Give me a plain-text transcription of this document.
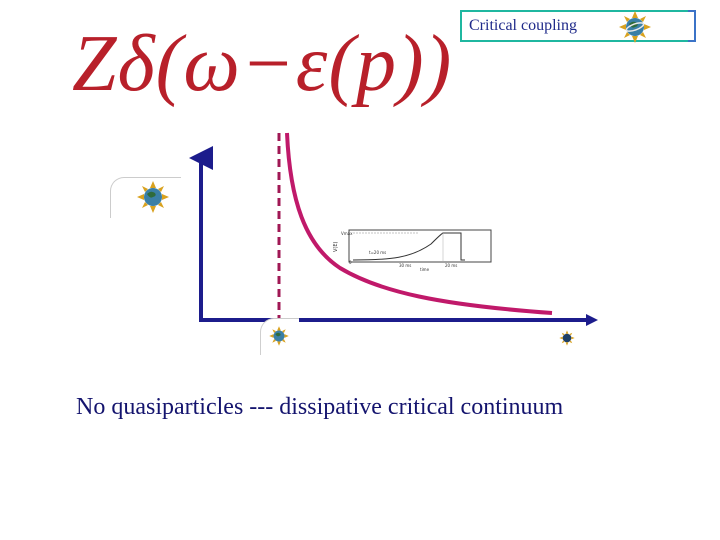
Critical coupling
Zδ(ω−ε(p))
V(E)
Vmax
0
t=20 ms
30 ms	20 ms
time
No quasiparticles --- dissipative critical continuum
